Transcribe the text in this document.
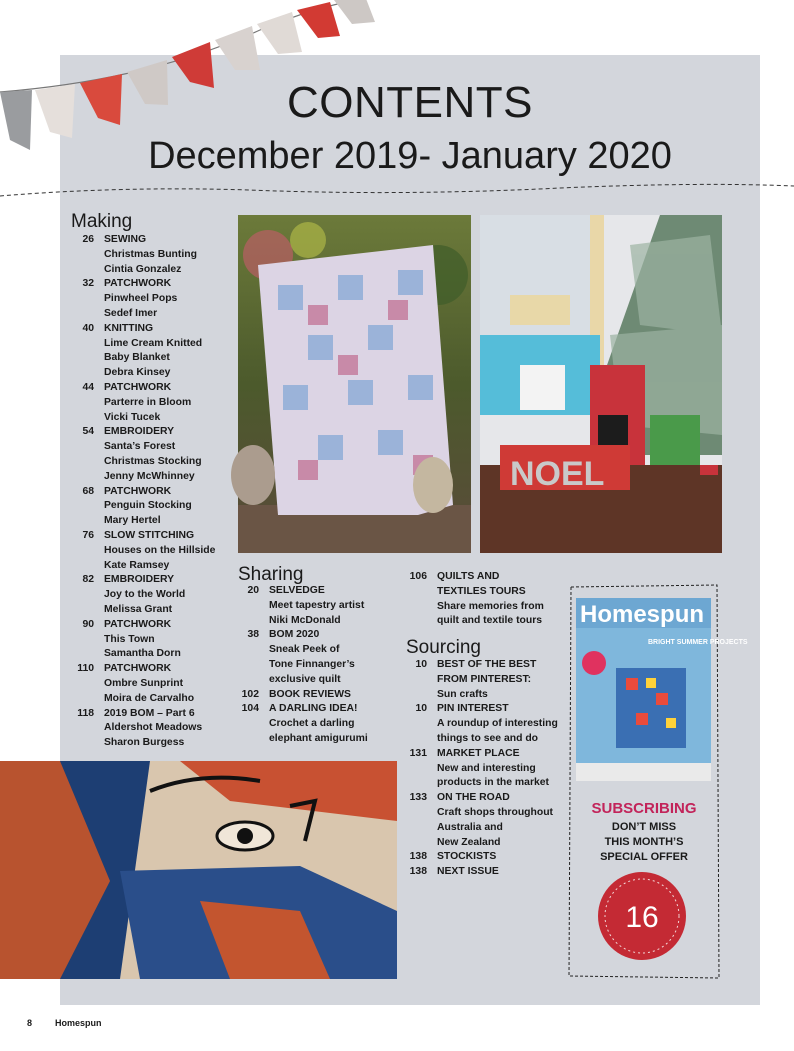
CONTENTS
December 2019- January 2020
Making
26 SEWING
Christmas Bunting
Cintia Gonzalez
32 PATCHWORK
Pinwheel Pops
Sedef Imer
40 KNITTING
Lime Cream Knitted
Baby Blanket
Debra Kinsey
44 PATCHWORK
Parterre in Bloom
Vicki Tucek
54 EMBROIDERY
Santa’s Forest
Christmas Stocking
Jenny McWhinney
68 PATCHWORK
Penguin Stocking
Mary Hertel
76 SLOW STITCHING
Houses on the Hillside
Kate Ramsey
82 EMBROIDERY
Joy to the World
Melissa Grant
90 PATCHWORK
This Town
Samantha Dorn
110 PATCHWORK
Ombre Sunprint
Moira de Carvalho
118 2019 BOM – Part 6
Aldershot Meadows
Sharon Burgess
NOEL
Sharing
20 SELVEDGE
Meet tapestry artist
Niki McDonald
38 BOM 2020
Sneak Peek of
Tone Finnanger’s
exclusive quilt
102 BOOK REVIEWS
104 A DARLING IDEA!
Crochet a darling
elephant amigurumi
106 QUILTS AND
TEXTILES TOURS
Share memories from
quilt and textile tours
Sourcing
10 BEST OF THE BEST
FROM PINTEREST:
Sun crafts
10 PIN INTEREST
A roundup of interesting
things to see and do
131 MARKET PLACE
New and interesting
products in the market
133 ON THE ROAD
Craft shops throughout
Australia and
New Zealand
138 STOCKISTS
138 NEXT ISSUE
Homespun
BRIGHT SUMMER PROJECTS
SUBSCRIBING
DON’T MISS
THIS MONTH’S
SPECIAL OFFER
16
8	Homespun
